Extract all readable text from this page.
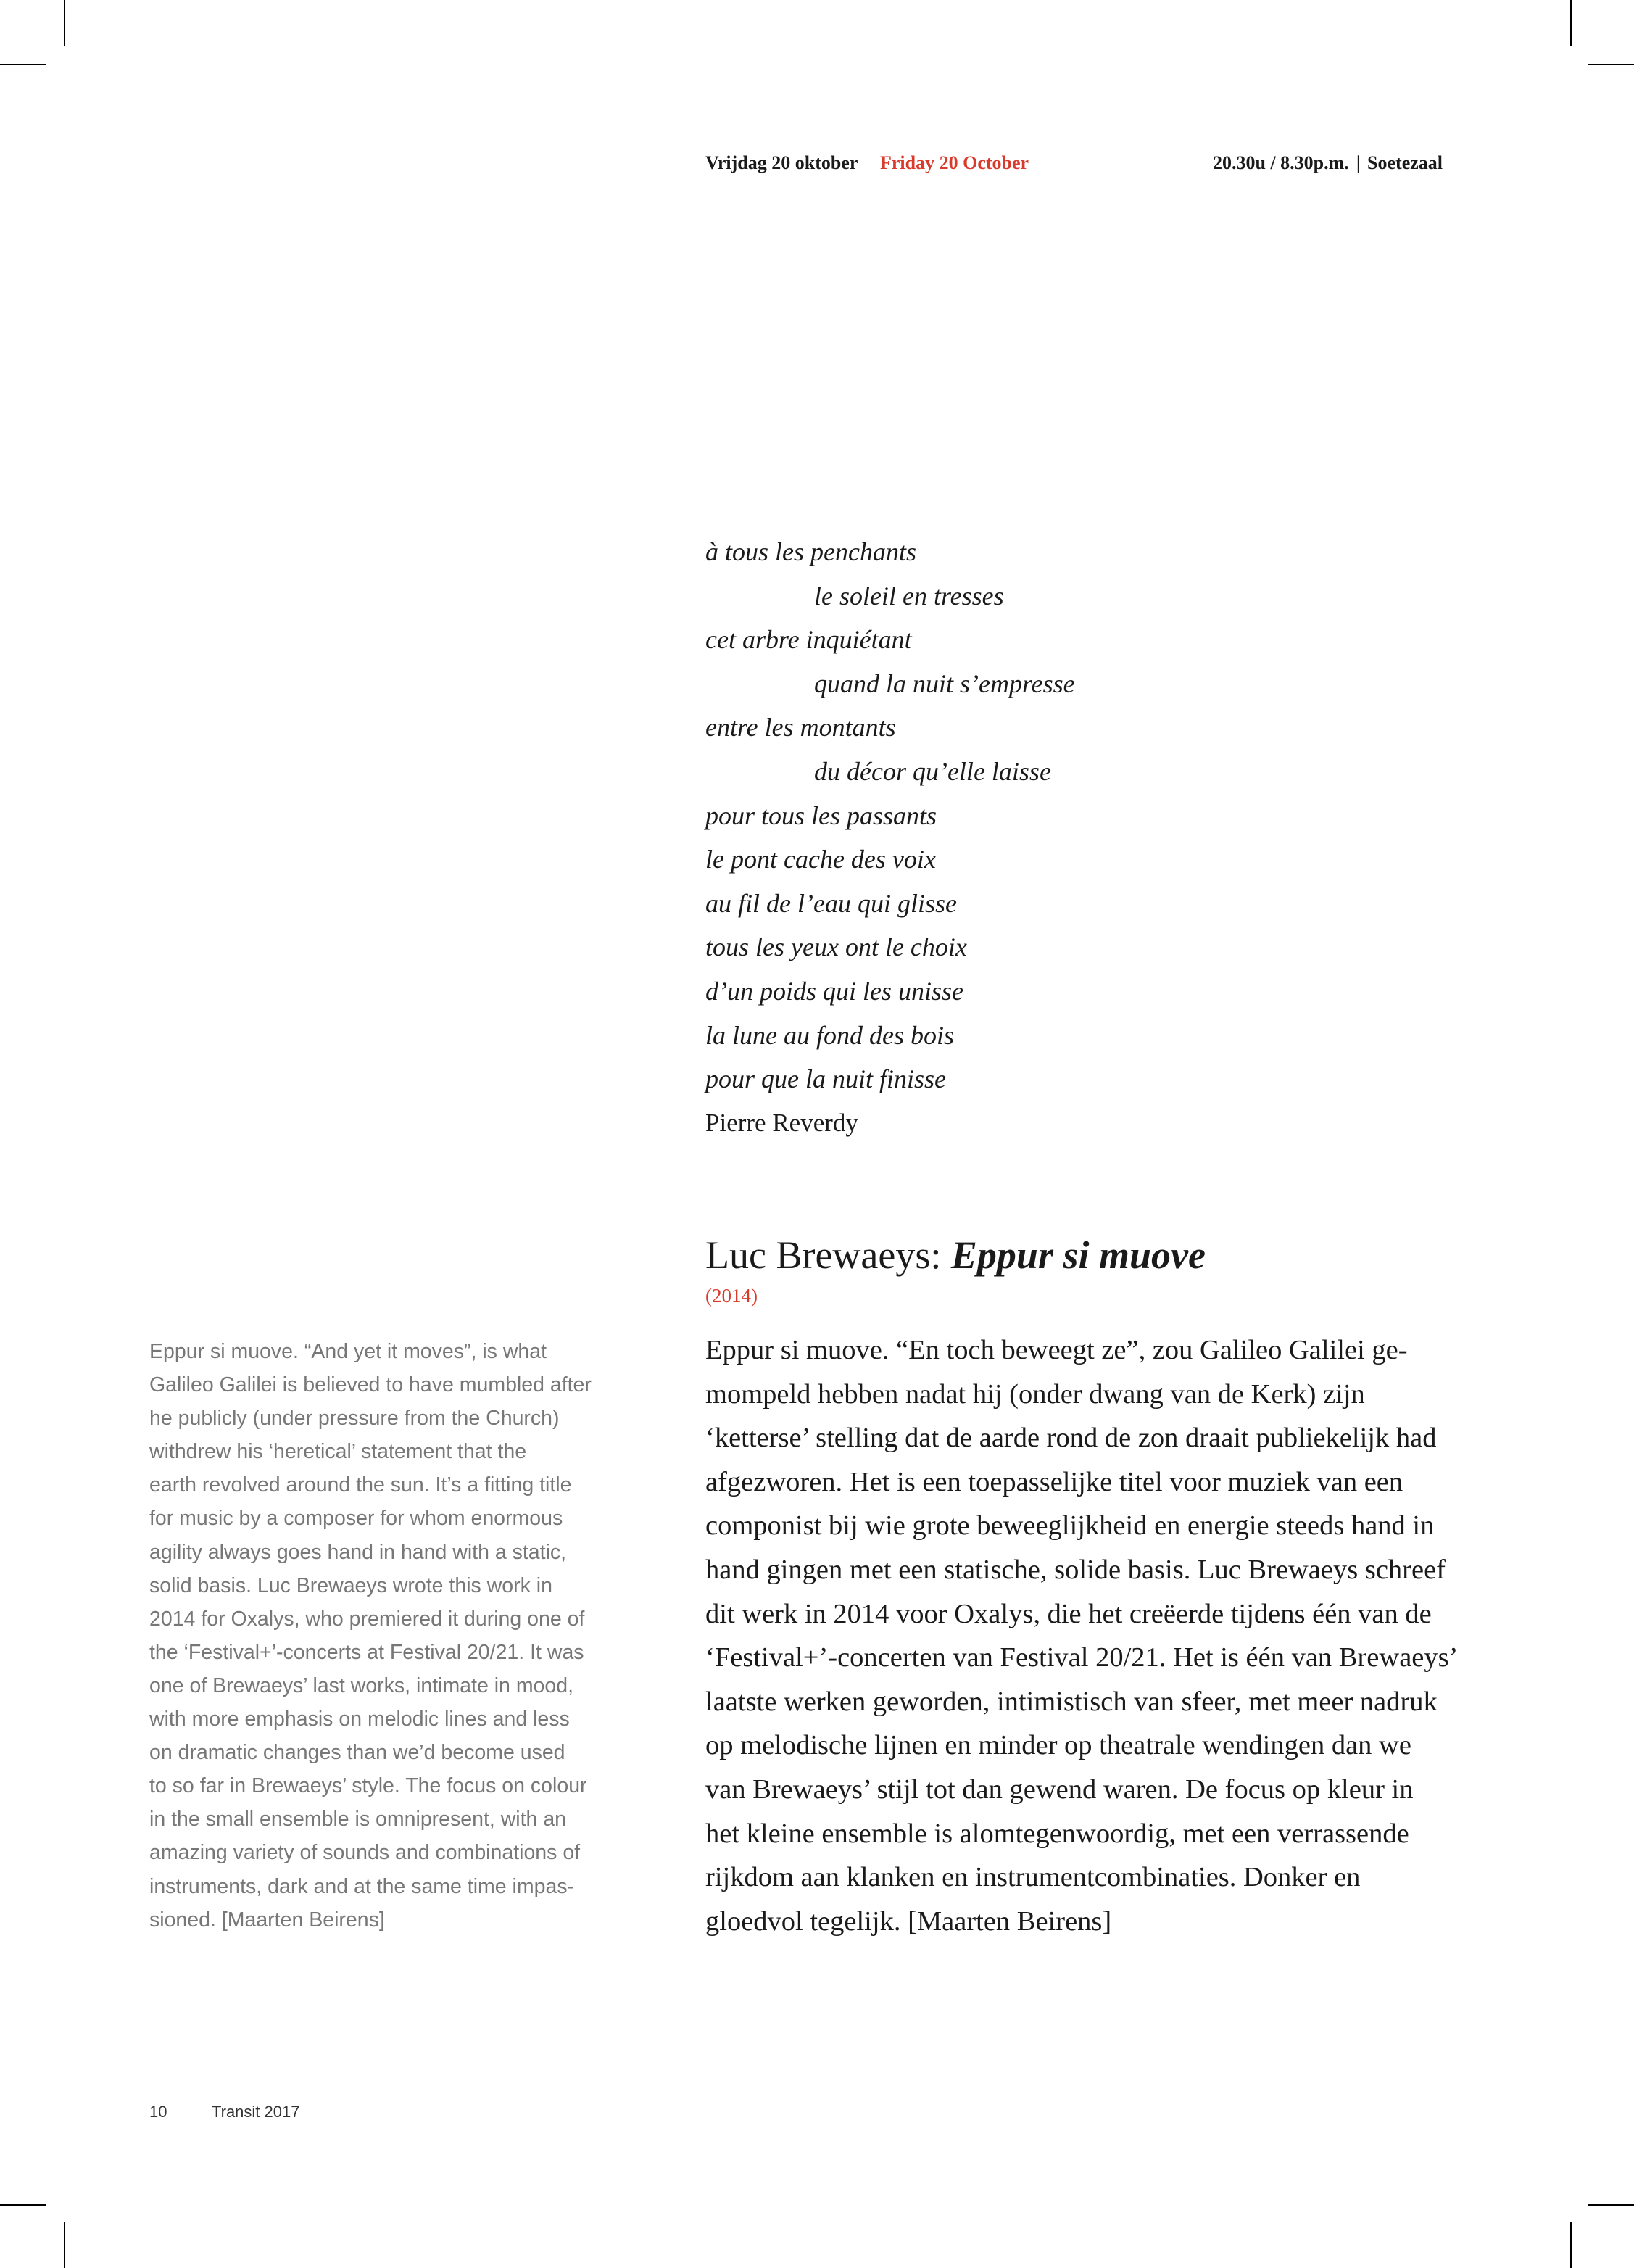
Vrijdag 20 oktober Friday 20 October	20.30u / 8.30p.m. | Soetezaal
à tous les penchants
le soleil en tresses
cet arbre inquiétant
quand la nuit s’empresse
entre les montants
du décor qu’elle laisse
pour tous les passants
le pont cache des voix
au fil de l’eau qui glisse
tous les yeux ont le choix
d’un poids qui les unisse
la lune au fond des bois
pour que la nuit finisse
Pierre Reverdy
Luc Brewaeys: Eppur si muove
(2014)
Eppur si muove. “En toch beweegt ze”, zou Galileo Galilei ge-
mompeld hebben nadat hij (onder dwang van de Kerk) zijn
‘ketterse’ stelling dat de aarde rond de zon draait publiekelijk had
afgezworen. Het is een toepasselijke titel voor muziek van een
componist bij wie grote beweeglijkheid en energie steeds hand in
hand gingen met een statische, solide basis. Luc Brewaeys schreef
dit werk in 2014 voor Oxalys, die het creëerde tijdens één van de
‘Festival+’-concerten van Festival 20/21. Het is één van Brewaeys’
laatste werken geworden, intimistisch van sfeer, met meer nadruk
op melodische lijnen en minder op theatrale wendingen dan we
van Brewaeys’ stijl tot dan gewend waren. De focus op kleur in
het kleine ensemble is alomtegenwoordig, met een verrassende
rijkdom aan klanken en instrumentcombinaties. Donker en
gloedvol tegelijk. [Maarten Beirens]
Eppur si muove. “And yet it moves”, is what
Galileo Galilei is believed to have mumbled after
he publicly (under pressure from the Church)
withdrew his ‘heretical’ statement that the
earth revolved around the sun. It’s a fitting title
for music by a composer for whom enormous
agility always goes hand in hand with a static,
solid basis. Luc Brewaeys wrote this work in
2014 for Oxalys, who premiered it during one of
the ‘Festival+’-concerts at Festival 20/21. It was
one of Brewaeys’ last works, intimate in mood,
with more emphasis on melodic lines and less
on dramatic changes than we’d become used
to so far in Brewaeys’ style. The focus on colour
in the small ensemble is omnipresent, with an
amazing variety of sounds and combinations of
instruments, dark and at the same time impas-
sioned. [Maarten Beirens]
10	Transit 2017
